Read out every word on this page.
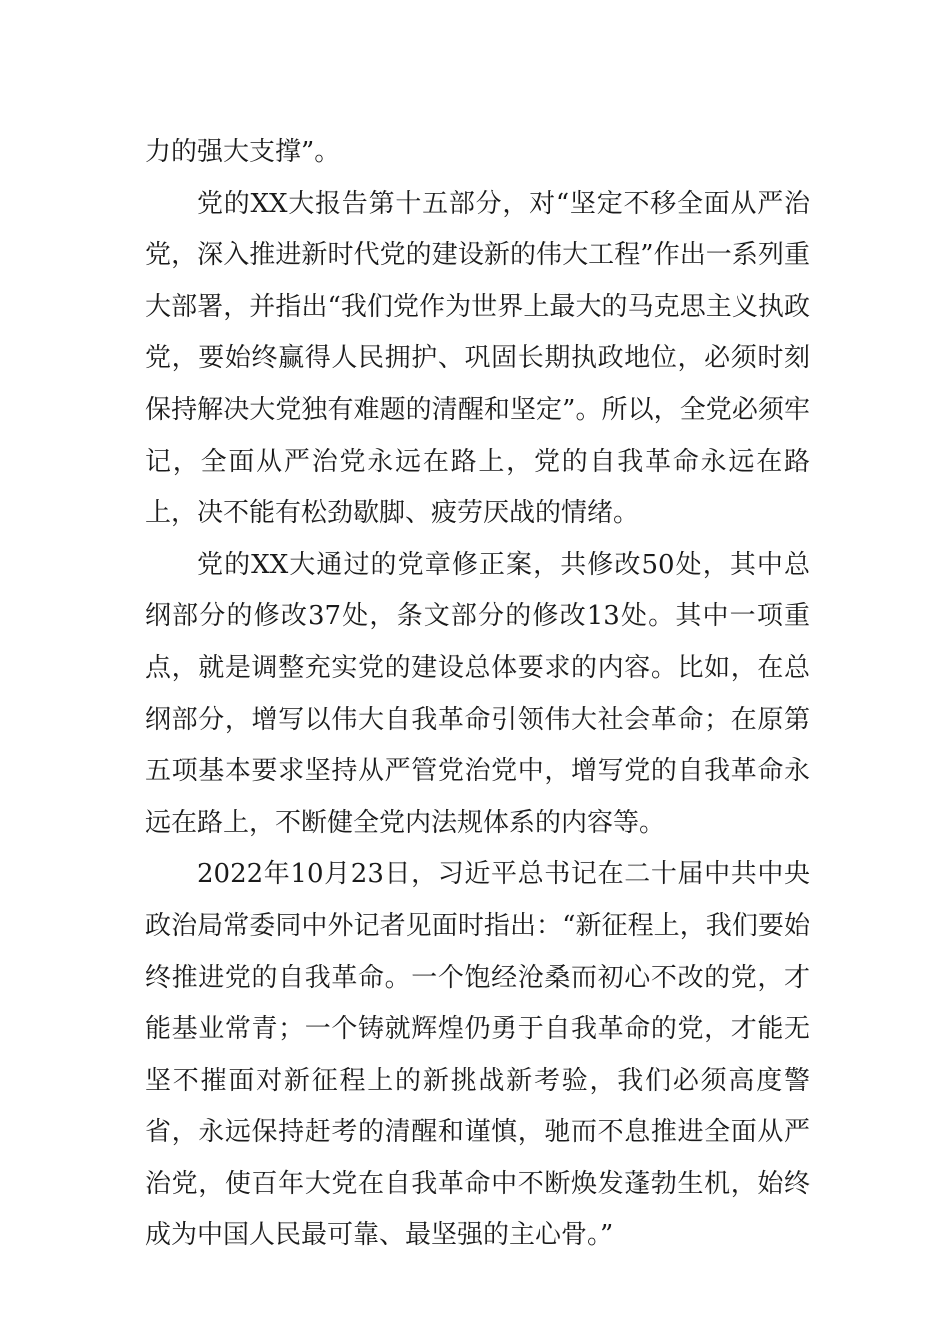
力的强大支撑”。

党的XX大报告第十五部分，对“坚定不移全面从严治党，深入推进新时代党的建设新的伟大工程”作出一系列重大部署，并指出“我们党作为世界上最大的马克思主义执政党，要始终赢得人民拥护、巩固长期执政地位，必须时刻保持解决大党独有难题的清醒和坚定”。所以，全党必须牢记，全面从严治党永远在路上，党的自我革命永远在路上，决不能有松劲歇脚、疲劳厌战的情绪。

党的XX大通过的党章修正案，共修改50处，其中总纲部分的修改37处，条文部分的修改13处。其中一项重点，就是调整充实党的建设总体要求的内容。比如，在总纲部分，增写以伟大自我革命引领伟大社会革命；在原第五项基本要求坚持从严管党治党中，增写党的自我革命永远在路上，不断健全党内法规体系的内容等。

2022年10月23日，习近平总书记在二十届中共中央政治局常委同中外记者见面时指出：“新征程上，我们要始终推进党的自我革命。一个饱经沧桑而初心不改的党，才能基业常青；一个铸就辉煌仍勇于自我革命的党，才能无坚不摧面对新征程上的新挑战新考验，我们必须高度警省，永远保持赶考的清醒和谨慎，驰而不息推进全面从严治党，使百年大党在自我革命中不断焕发蓬勃生机，始终成为中国人民最可靠、最坚强的主心骨。”
